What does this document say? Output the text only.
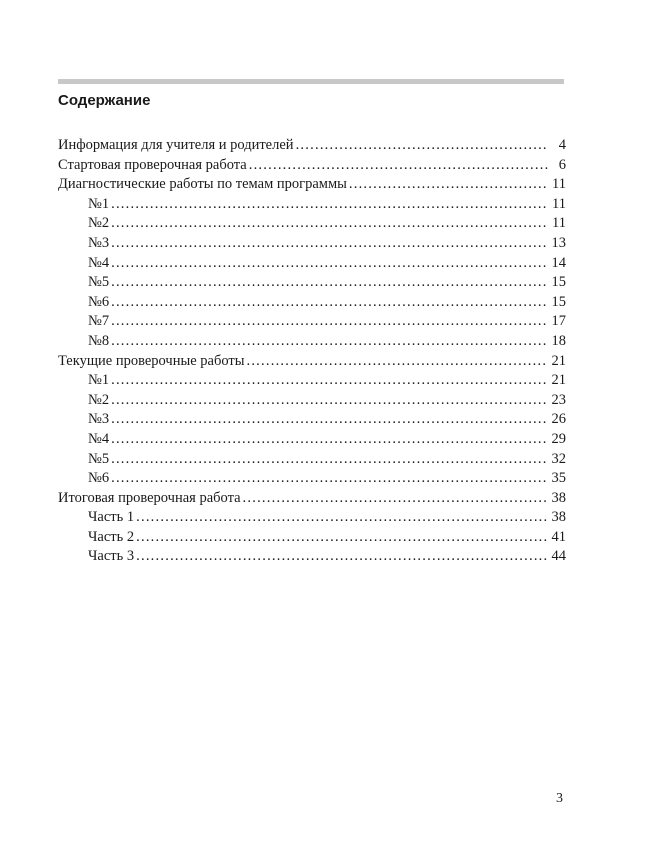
Содержание
Информация для учителя и родителей . . .	4
Стартовая проверочная работа . . .	6
Диагностические работы по темам программы . . .	11
№1 . . .	11
№2 . . .	11
№3 . . .	13
№4 . . .	14
№5 . . .	15
№6 . . .	15
№7 . . .	17
№8 . . .	18
Текущие проверочные работы . . .	21
№1 . . .	21
№2 . . .	23
№3 . . .	26
№4 . . .	29
№5 . . .	32
№6 . . .	35
Итоговая проверочная работа . . .	38
Часть 1 . . .	38
Часть 2 . . .	41
Часть 3 . . .	44
3
